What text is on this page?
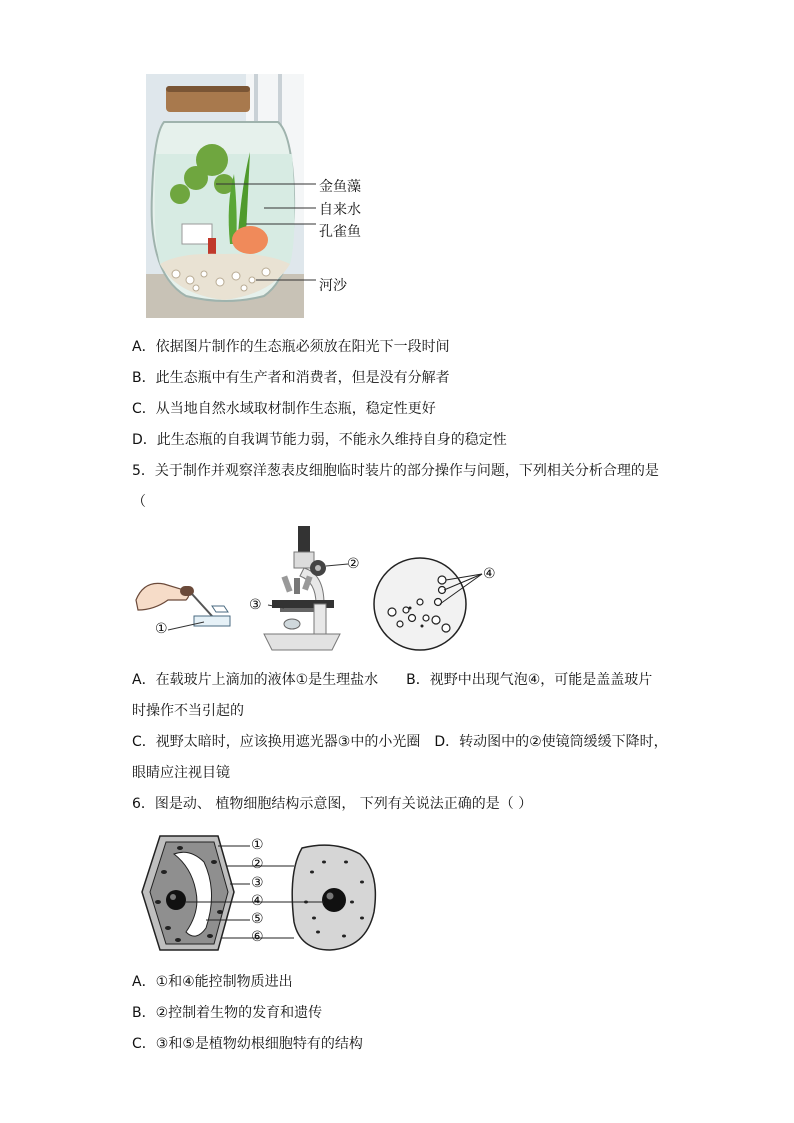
金鱼藻
自来水
孔雀鱼
河沙
A．依据图片制作的生态瓶必须放在阳光下一段时间
B．此生态瓶中有生产者和消费者，但是没有分解者
C．从当地自然水域取材制作生态瓶，稳定性更好
D．此生态瓶的自我调节能力弱，不能永久维持自身的稳定性
5．关于制作并观察洋葱表皮细胞临时装片的部分操作与问题，下列相关分析合理的是
（
①
②
③
④
A．在载玻片上滴加的液体①是生理盐水　　B．视野中出现气泡④，可能是盖盖玻片
时操作不当引起的
C．视野太暗时，应该换用遮光器③中的小光圈　D．转动图中的②使镜筒缓缓下降时，
眼睛应注视目镜
6．图是动、 植物细胞结构示意图， 下列有关说法正确的是（ ）
①
②
③
④
⑤
⑥
A．①和④能控制物质进出
B．②控制着生物的发育和遗传
C．③和⑤是植物幼根细胞特有的结构
